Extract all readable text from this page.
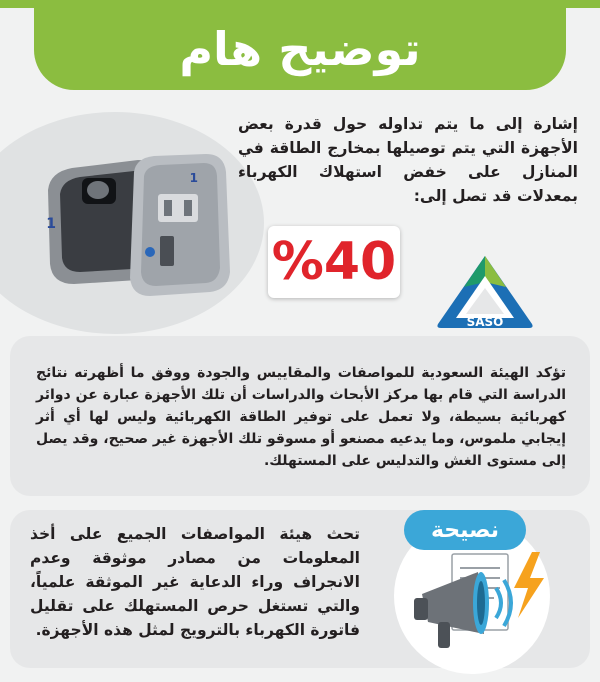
توضيح هام
1
1

إشارة إلى ما يتم تداوله حول قدرة بعض الأجهزة التي يتم توصيلها بمخارج الطاقة في المنازل على خفض استهلاك الكهرباء بمعدلات قد تصل إلى:

%40
SASO

تؤكد الهيئة السعودية للمواصفات والمقاييس والجودة ووفق ما أظهرته نتائج الدراسة التي قام بها مركز الأبحاث والدراسات أن تلك الأجهزة عبارة عن دوائر كهربائية بسيطة، ولا تعمل على توفير الطاقة الكهربائية وليس لها أي أثر إيجابي ملموس، وما يدعيه مصنعو أو مسوقو تلك الأجهزة غير صحيح، وقد يصل إلى مستوى الغش والتدليس على المستهلك.

تحث هيئة المواصفات الجميع على أخذ المعلومات من مصادر موثوقة وعدم الانجراف وراء الدعاية غير الموثقة علمياً، والتي تستغل حرص المستهلك على تقليل فاتورة الكهرباء بالترويج لمثل هذه الأجهزة.

نصيحة
